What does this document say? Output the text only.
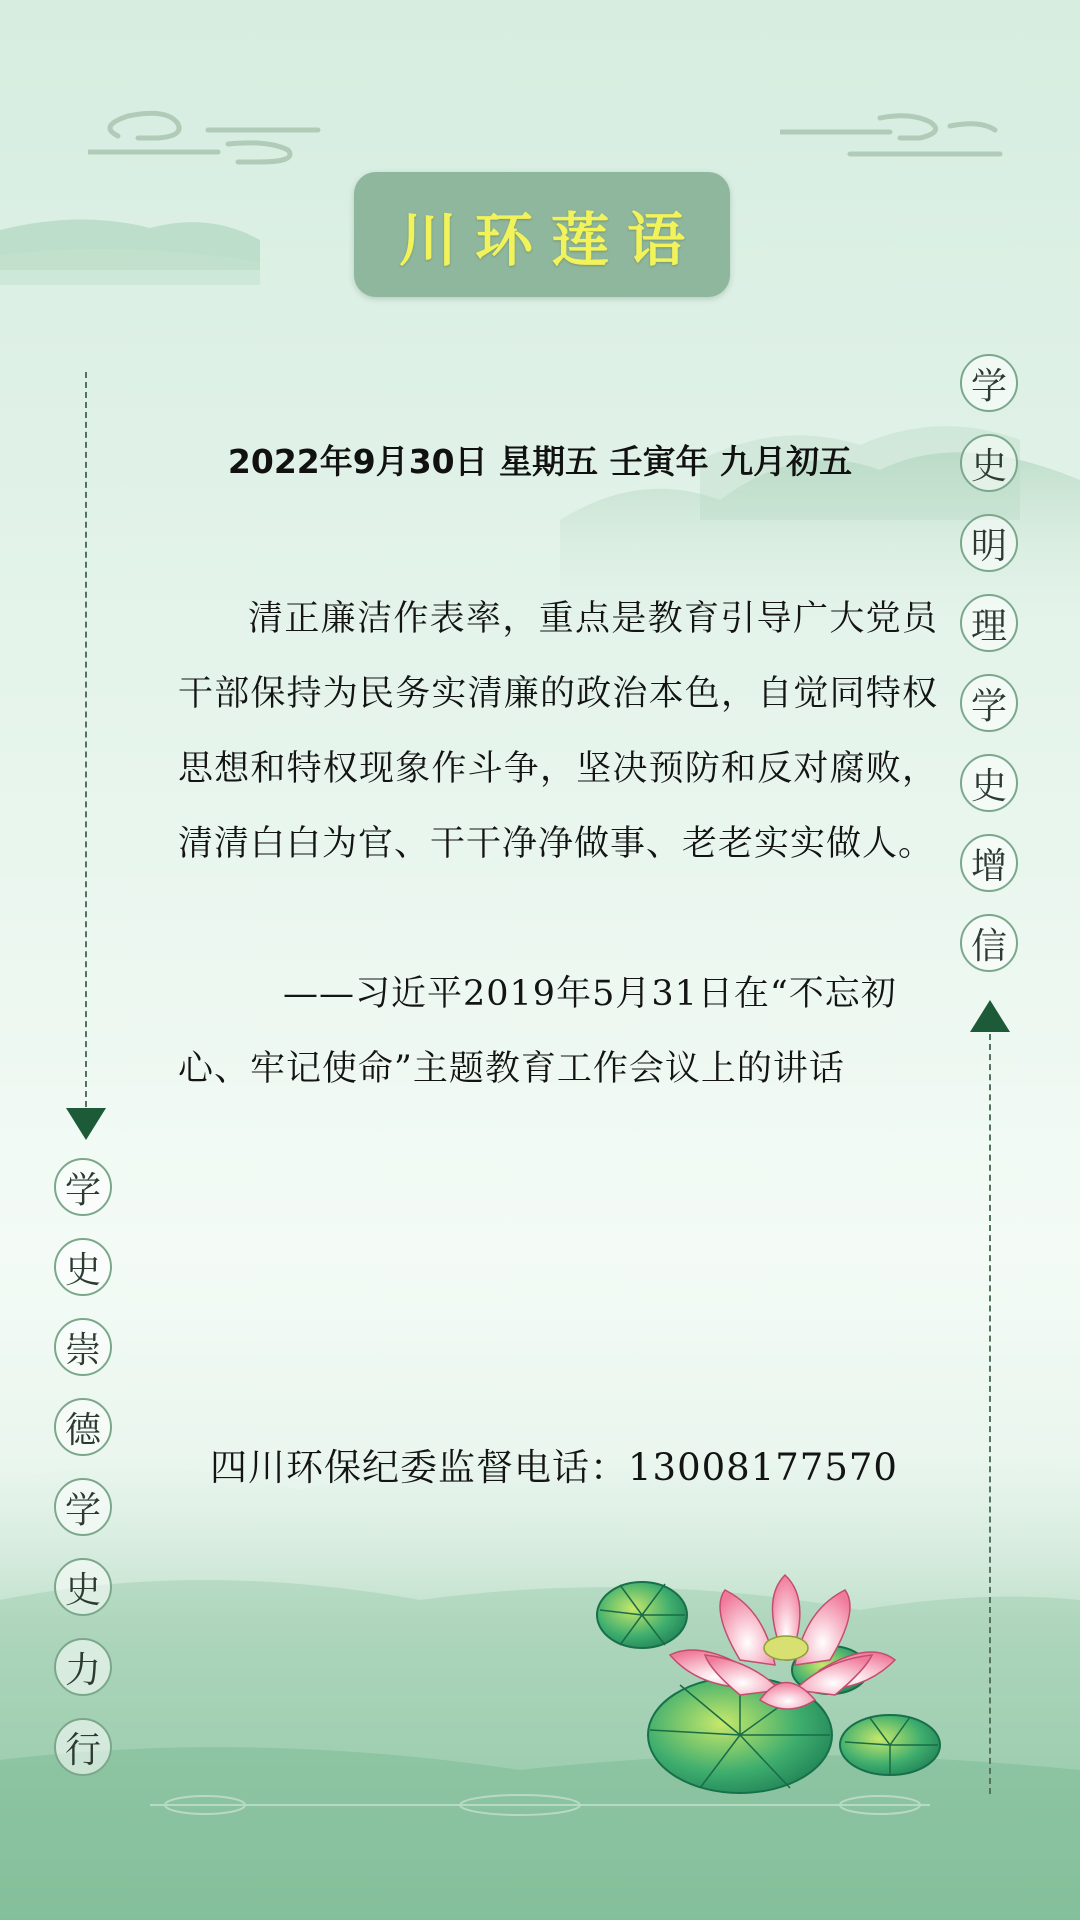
川环莲语
2022年9月30日 星期五 壬寅年 九月初五
清正廉洁作表率，重点是教育引导广大党员干部保持为民务实清廉的政治本色，自觉同特权思想和特权现象作斗争，坚决预防和反对腐败，清清白白为官、干干净净做事、老老实实做人。
——习近平2019年5月31日在“不忘初心、牢记使命”主题教育工作会议上的讲话
四川环保纪委监督电话：13008177570
学
史
明
理
学
史
增
信
学
史
崇
德
学
史
力
行
